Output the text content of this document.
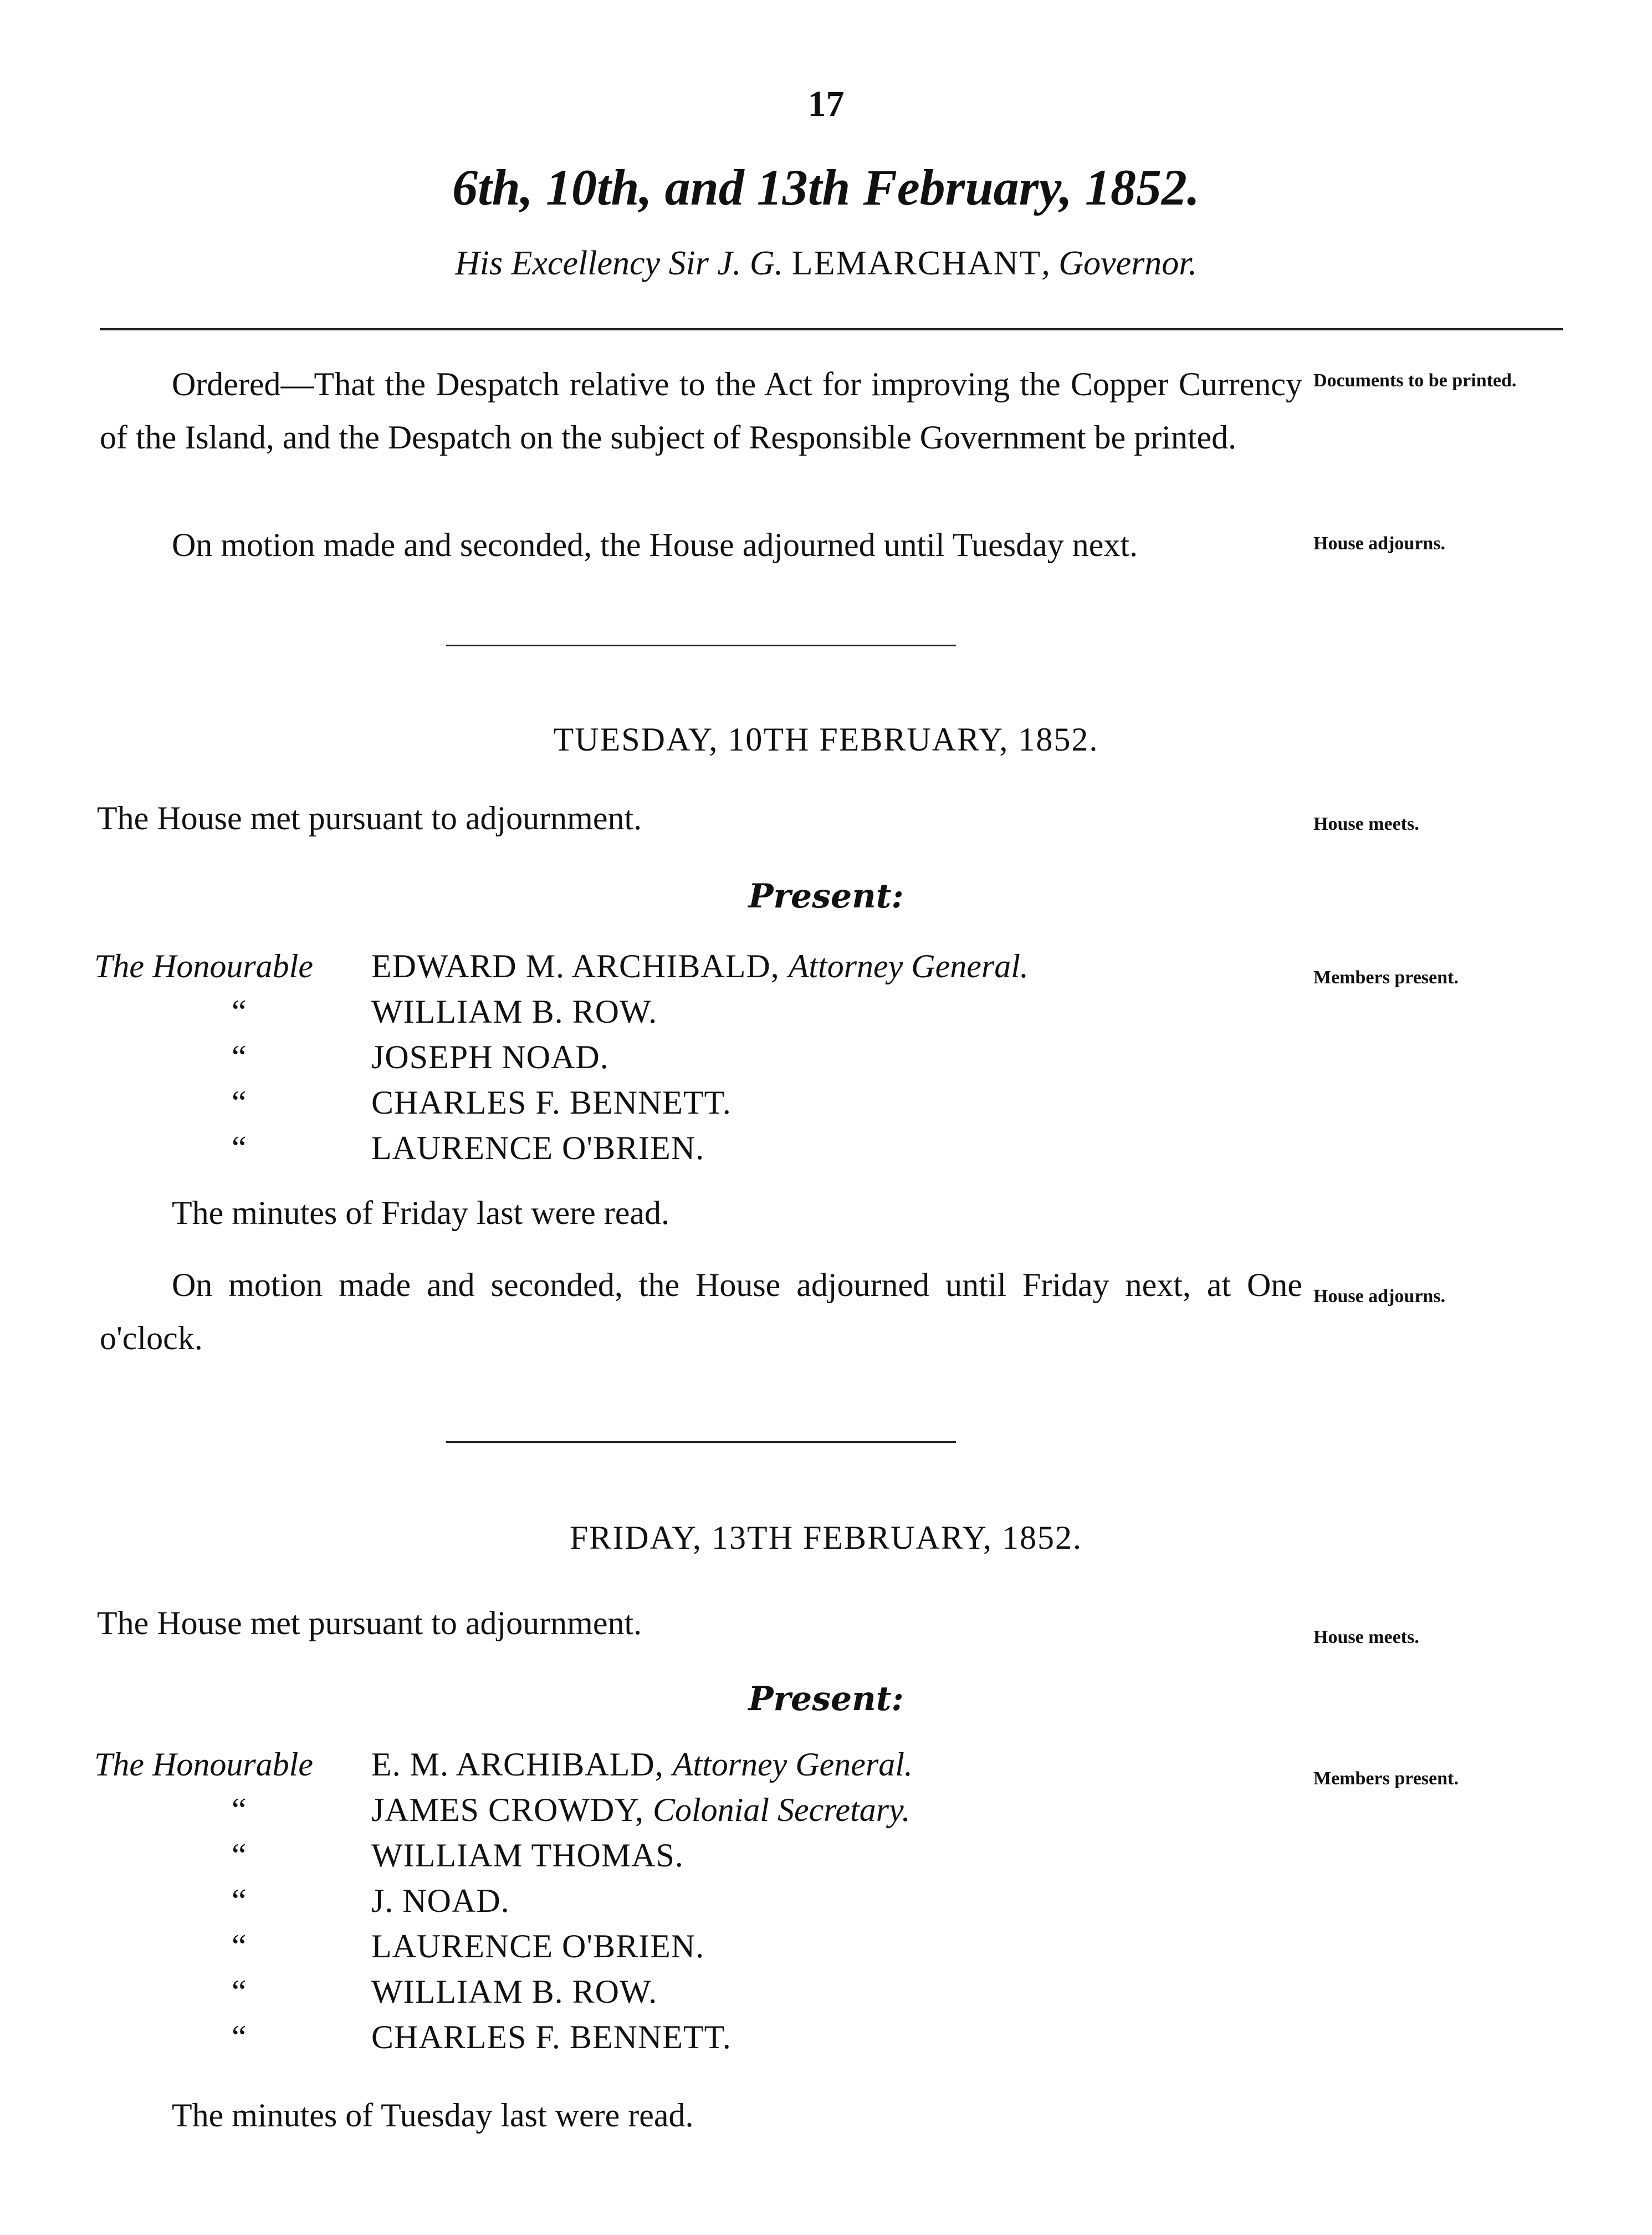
17
6th, 10th, and 13th February, 1852.
His Excellency Sir J. G. LEMARCHANT, Governor.
Ordered—That the Despatch relative to the Act for improving the Copper Currency of the Island, and the Despatch on the subject of Responsible Government be printed.
Documents to be printed.
On motion made and seconded, the House adjourned until Tuesday next.	House adjourns.
TUESDAY, 10TH FEBRUARY, 1852.
The House met pursuant to adjournment.	House meets.
Present:
The Honourable EDWARD M. ARCHIBALD, Attorney General.
“	WILLIAM B. ROW.
“	JOSEPH NOAD.
“	CHARLES F. BENNETT.
“	LAURENCE O'BRIEN.
Members present.
The minutes of Friday last were read.
On motion made and seconded, the House adjourned until Friday next, at One o'clock.
House adjourns.
FRIDAY, 13TH FEBRUARY, 1852.
The House met pursuant to adjournment.	House meets.
Present:
The Honourable E. M. ARCHIBALD, Attorney General.
“	JAMES CROWDY, Colonial Secretary.
“	WILLIAM THOMAS.
“	J. NOAD.
“	LAURENCE O'BRIEN.
“	WILLIAM B. ROW.
“	CHARLES F. BENNETT.
Members present.
The minutes of Tuesday last were read.
